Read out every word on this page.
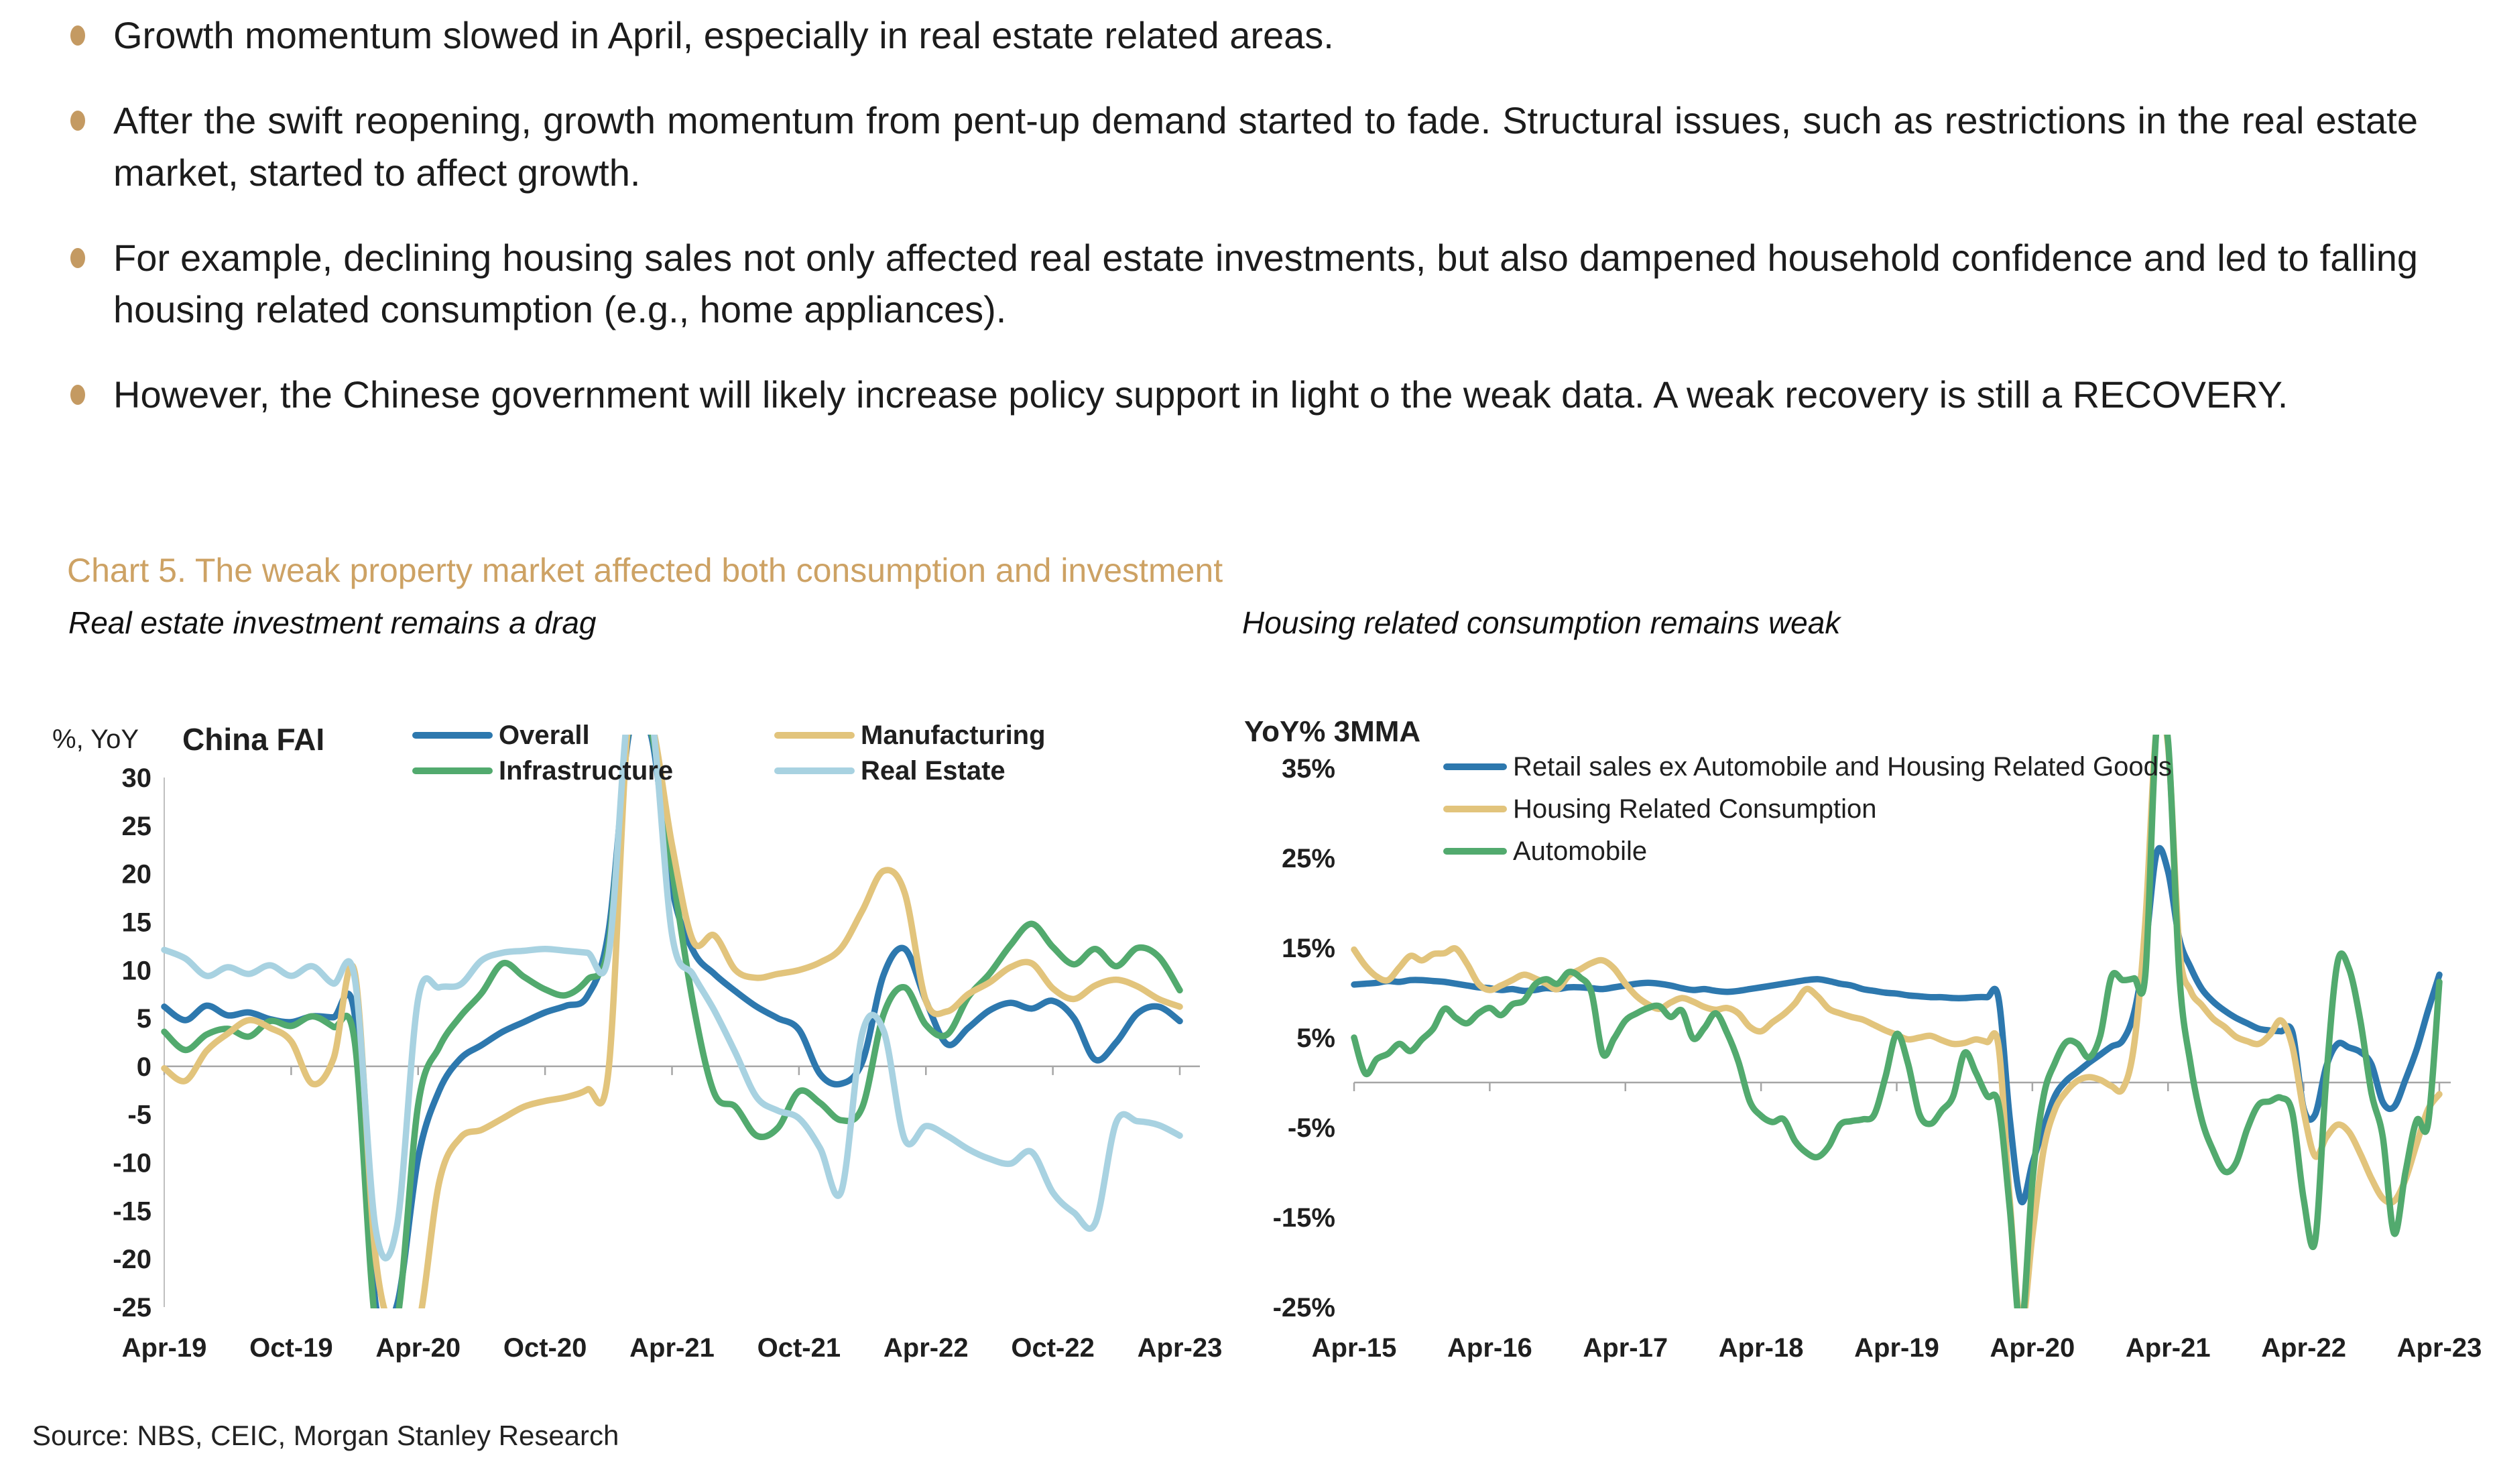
Growth momentum slowed in April, especially in real estate related areas.
After the swift reopening, growth momentum from pent-up demand started to fade. Structural issues, such as restrictions in the real estate market, started to affect growth.
For example, declining housing sales not only affected real estate investments, but also dampened household confidence and led to falling housing related consumption (e.g., home appliances).
However, the Chinese government will likely increase policy support in light o the weak data. A weak recovery is still a RECOVERY.
Chart 5. The weak property market affected both consumption and investment
Real estate investment remains a drag	Housing related consumption remains weak
30
25
20
15
10
5
0
-5
-10
-15
-20
-25
Apr-19 Oct-19 Apr-20 Oct-20 Apr-21 Oct-21 Apr-22 Oct-22 Apr-23
%, YoY China FAI	Overall
Infrastructure
Manufacturing
Real Estate	35%
25%
15%
5%
-5%
-15%
-25%
Apr-15 Apr-16 Apr-17 Apr-18 Apr-19 Apr-20 Apr-21 Apr-22 Apr-23
YoY% 3MMA
Retail sales ex Automobile and Housing Related Goods
Housing Related Consumption
Automobile
Source: NBS, CEIC, Morgan Stanley Research
